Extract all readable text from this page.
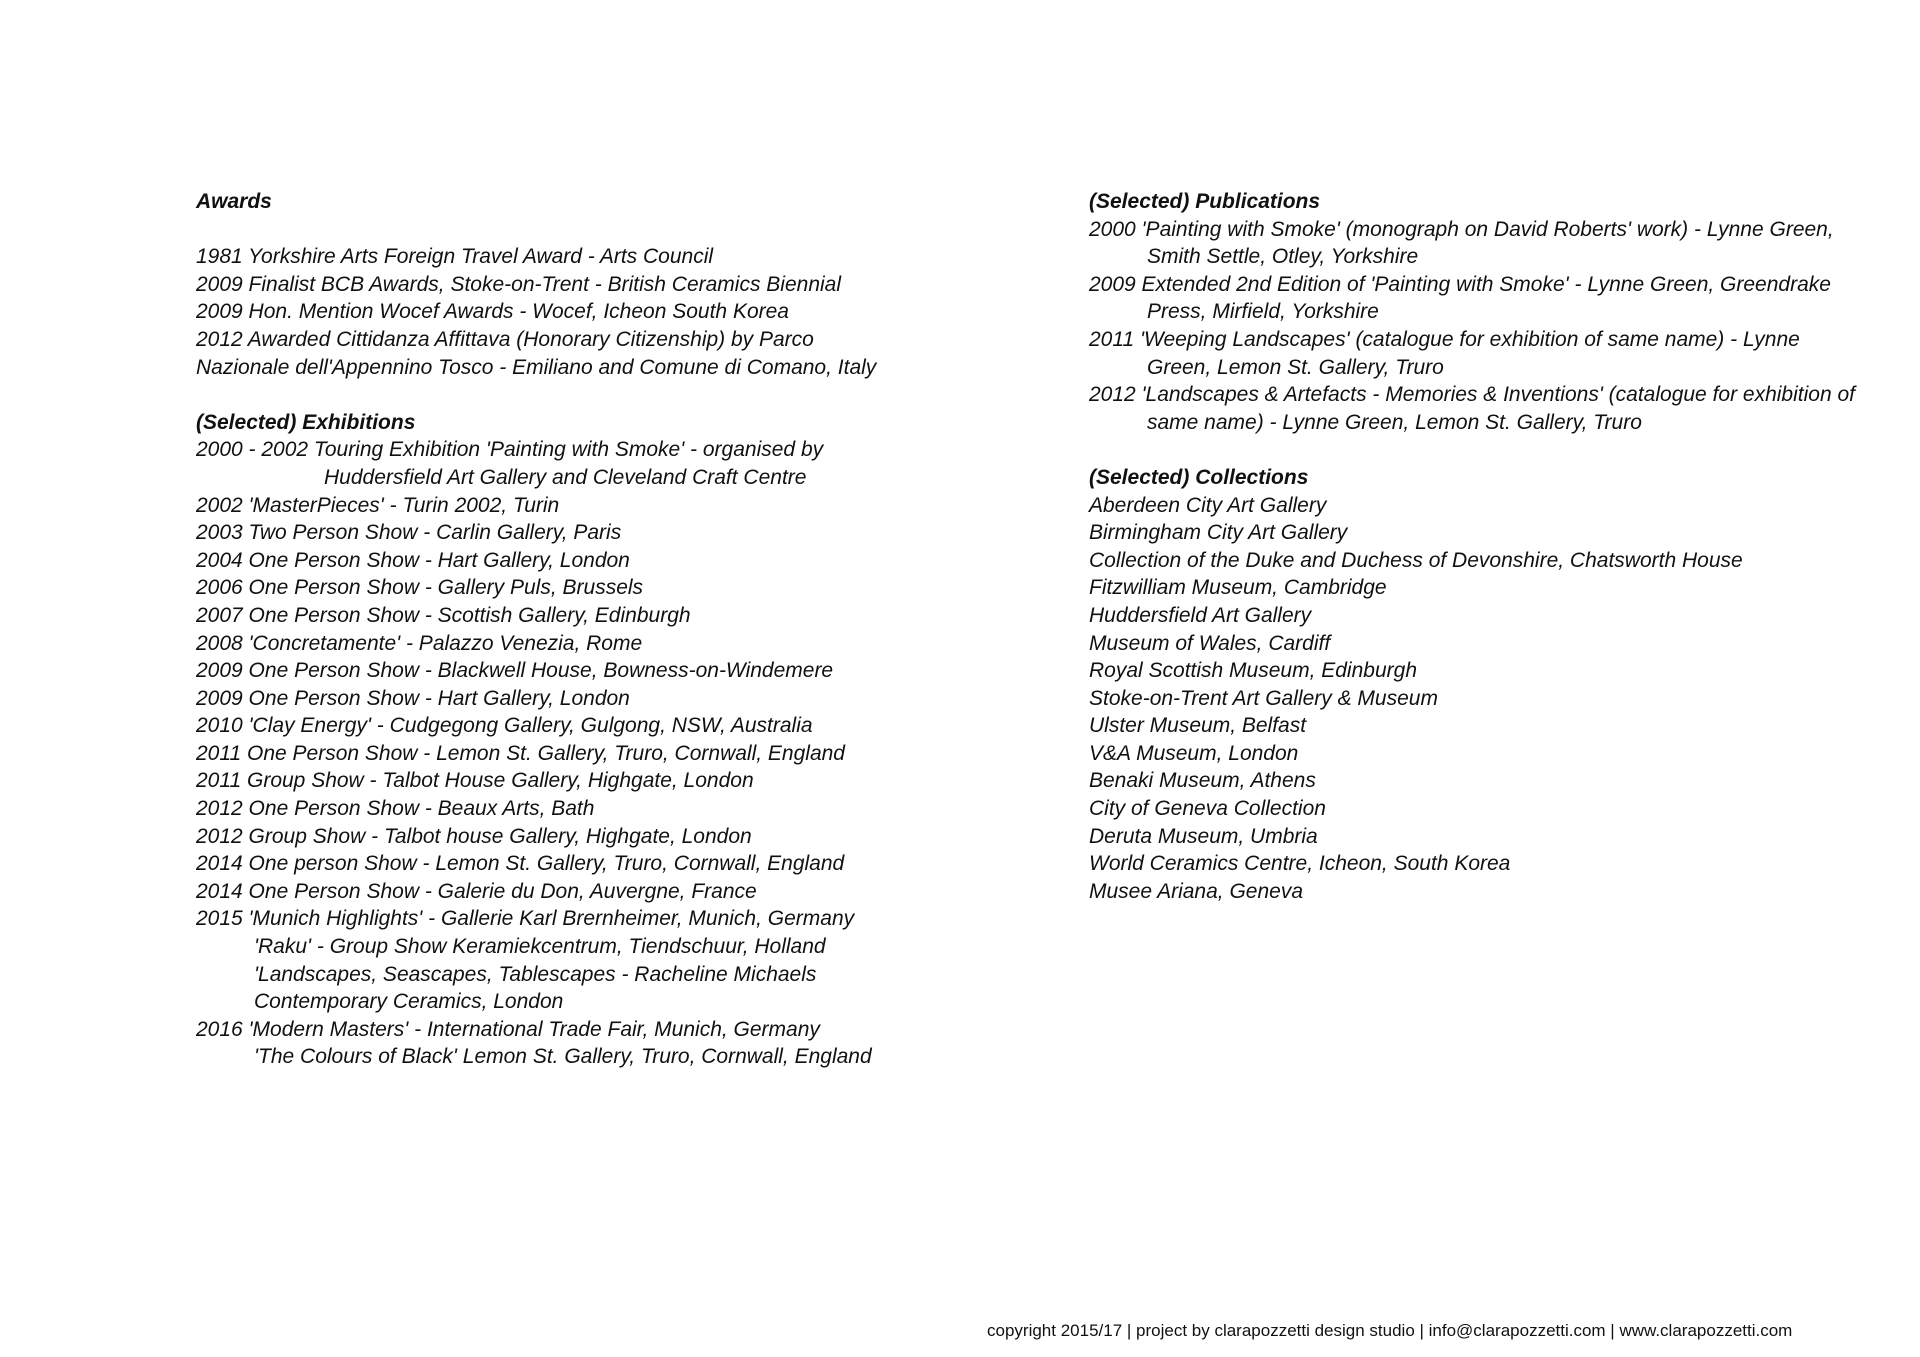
Awards
1981 Yorkshire Arts Foreign Travel Award - Arts Council
2009 Finalist BCB Awards, Stoke-on-Trent - British Ceramics Biennial
2009 Hon. Mention Wocef Awards - Wocef, Icheon South Korea
2012 Awarded Cittidanza Affittava (Honorary Citizenship) by Parco
Nazionale dell'Appennino Tosco - Emiliano and Comune di Comano, Italy
(Selected) Exhibitions
2000 - 2002 Touring Exhibition 'Painting with Smoke' - organised by
Huddersfield Art Gallery and Cleveland Craft Centre
2002 'MasterPieces' - Turin 2002, Turin
2003 Two Person Show - Carlin Gallery, Paris
2004 One Person Show - Hart Gallery, London
2006 One Person Show - Gallery Puls, Brussels
2007 One Person Show - Scottish Gallery, Edinburgh
2008 'Concretamente' - Palazzo Venezia, Rome
2009 One Person Show - Blackwell House, Bowness-on-Windemere
2009 One Person Show - Hart Gallery, London
2010 'Clay Energy' - Cudgegong Gallery, Gulgong, NSW, Australia
2011 One Person Show - Lemon St. Gallery, Truro, Cornwall, England
2011 Group Show - Talbot House Gallery, Highgate, London
2012 One Person Show - Beaux Arts, Bath
2012 Group Show - Talbot house Gallery, Highgate, London
2014 One person Show - Lemon St. Gallery, Truro, Cornwall, England
2014 One Person Show - Galerie du Don, Auvergne, France
2015 'Munich Highlights' - Gallerie Karl Brernheimer, Munich, Germany
'Raku' - Group Show Keramiekcentrum, Tiendschuur, Holland
'Landscapes, Seascapes, Tablescapes - Racheline Michaels
Contemporary Ceramics, London
2016 'Modern Masters' - International Trade Fair, Munich, Germany
'The Colours of Black' Lemon St. Gallery, Truro, Cornwall, England
(Selected) Publications
2000 'Painting with Smoke' (monograph on David Roberts' work) - Lynne Green, Smith Settle, Otley, Yorkshire
2009 Extended 2nd Edition of 'Painting with Smoke' - Lynne Green, Greendrake Press, Mirfield, Yorkshire
2011 'Weeping Landscapes' (catalogue for exhibition of same name) - Lynne Green, Lemon St. Gallery, Truro
2012 'Landscapes & Artefacts - Memories & Inventions' (catalogue for exhibition of same name) - Lynne Green, Lemon St. Gallery, Truro
(Selected) Collections
Aberdeen City Art Gallery
Birmingham City Art Gallery
Collection of the Duke and Duchess of Devonshire, Chatsworth House
Fitzwilliam Museum, Cambridge
Huddersfield Art Gallery
Museum of Wales, Cardiff
Royal Scottish Museum, Edinburgh
Stoke-on-Trent Art Gallery & Museum
Ulster Museum, Belfast
V&A Museum, London
Benaki Museum, Athens
City of Geneva Collection
Deruta Museum, Umbria
World Ceramics Centre, Icheon, South Korea
Musee Ariana, Geneva
copyright 2015/17 | project by clarapozzetti design studio | info@clarapozzetti.com | www.clarapozzetti.com
